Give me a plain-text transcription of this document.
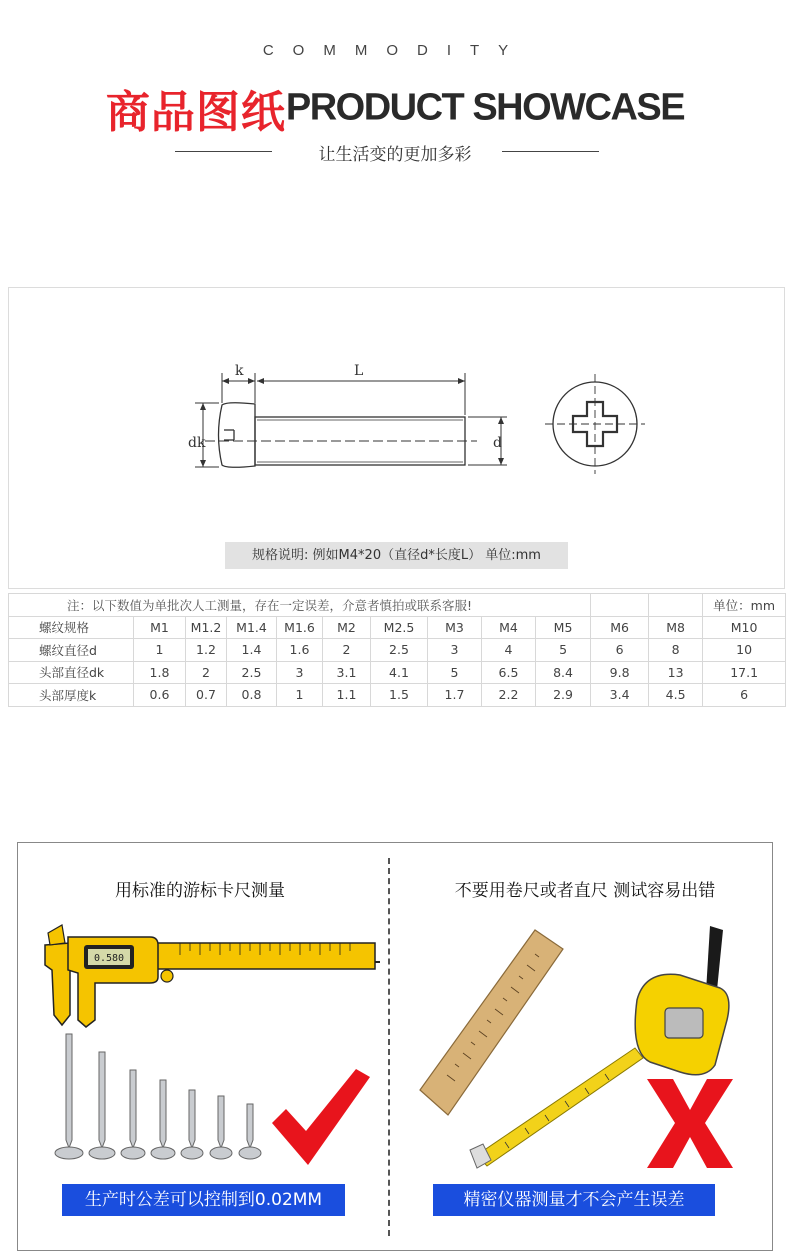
COMMODITY
商品图纸PRODUCT SHOWCASE
让生活变的更加多彩
k	L
dk	d
规格说明: 例如M4*20（直径d*长度L） 单位:mm
注：以下数值为单批次人工测量，存在一定误差，介意者慎拍或联系客服!												单位：mm
螺纹规格	M1	M1.2	M1.4	M1.6	M2	M2.5	M3	M4	M5	M6	M8	M10
螺纹直径d	1	1.2	1.4	1.6	2	2.5	3	4	5	6	8	10
头部直径dk	1.8	2	2.5	3	3.1	4.1	5	6.5	8.4	9.8	13	17.1
头部厚度k	0.6	0.7	0.8	1	1.1	1.5	1.7	2.2	2.9	3.4	4.5	6
用标准的游标卡尺测量	不要用卷尺或者直尺 测试容易出错
0.580
生产时公差可以控制到0.02MM	精密仪器测量才不会产生误差
